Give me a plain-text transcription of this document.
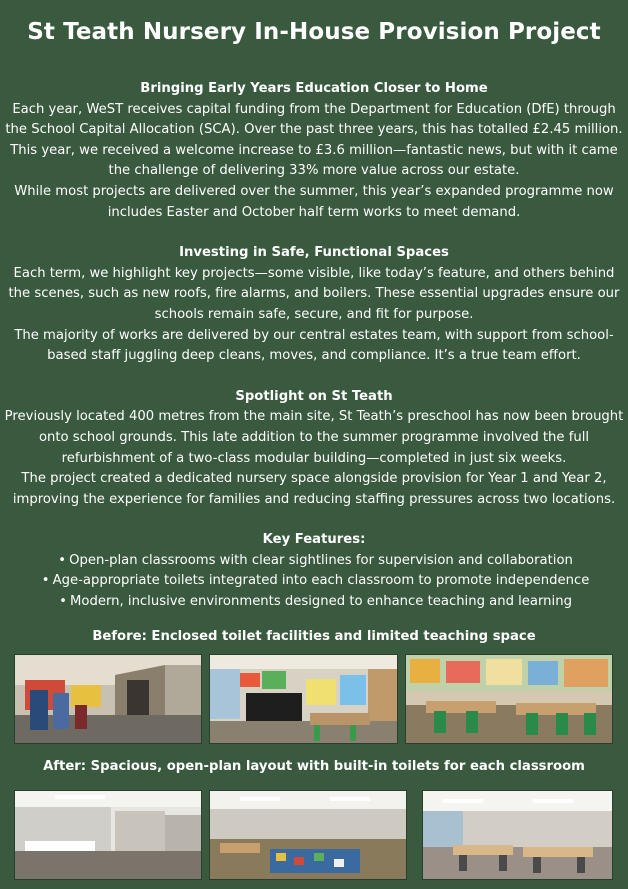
St Teath Nursery In-House Provision Project
Bringing Early Years Education Closer to Home

Each year, WeST receives capital funding from the Department for Education (DfE) through the School Capital Allocation (SCA). Over the past three years, this has totalled £2.45 million. This year, we received a welcome increase to £3.6 million—fantastic news, but with it came the challenge of delivering 33% more value across our estate.

While most projects are delivered over the summer, this year’s expanded programme now includes Easter and October half term works to meet demand.

Investing in Safe, Functional Spaces

Each term, we highlight key projects—some visible, like today’s feature, and others behind the scenes, such as new roofs, fire alarms, and boilers. These essential upgrades ensure our schools remain safe, secure, and fit for purpose.

The majority of works are delivered by our central estates team, with support from school-based staff juggling deep cleans, moves, and compliance. It’s a true team effort.

Spotlight on St Teath

Previously located 400 metres from the main site, St Teath’s preschool has now been brought onto school grounds. This late addition to the summer programme involved the full refurbishment of a two-class modular building—completed in just six weeks.

The project created a dedicated nursery space alongside provision for Year 1 and Year 2, improving the experience for families and reducing staffing pressures across two locations.

Key Features:
• Open-plan classrooms with clear sightlines for supervision and collaboration
• Age-appropriate toilets integrated into each classroom to promote independence
• Modern, inclusive environments designed to enhance teaching and learning
Before: Enclosed toilet facilities and limited teaching space
After: Spacious, open-plan layout with built-in toilets for each classroom
